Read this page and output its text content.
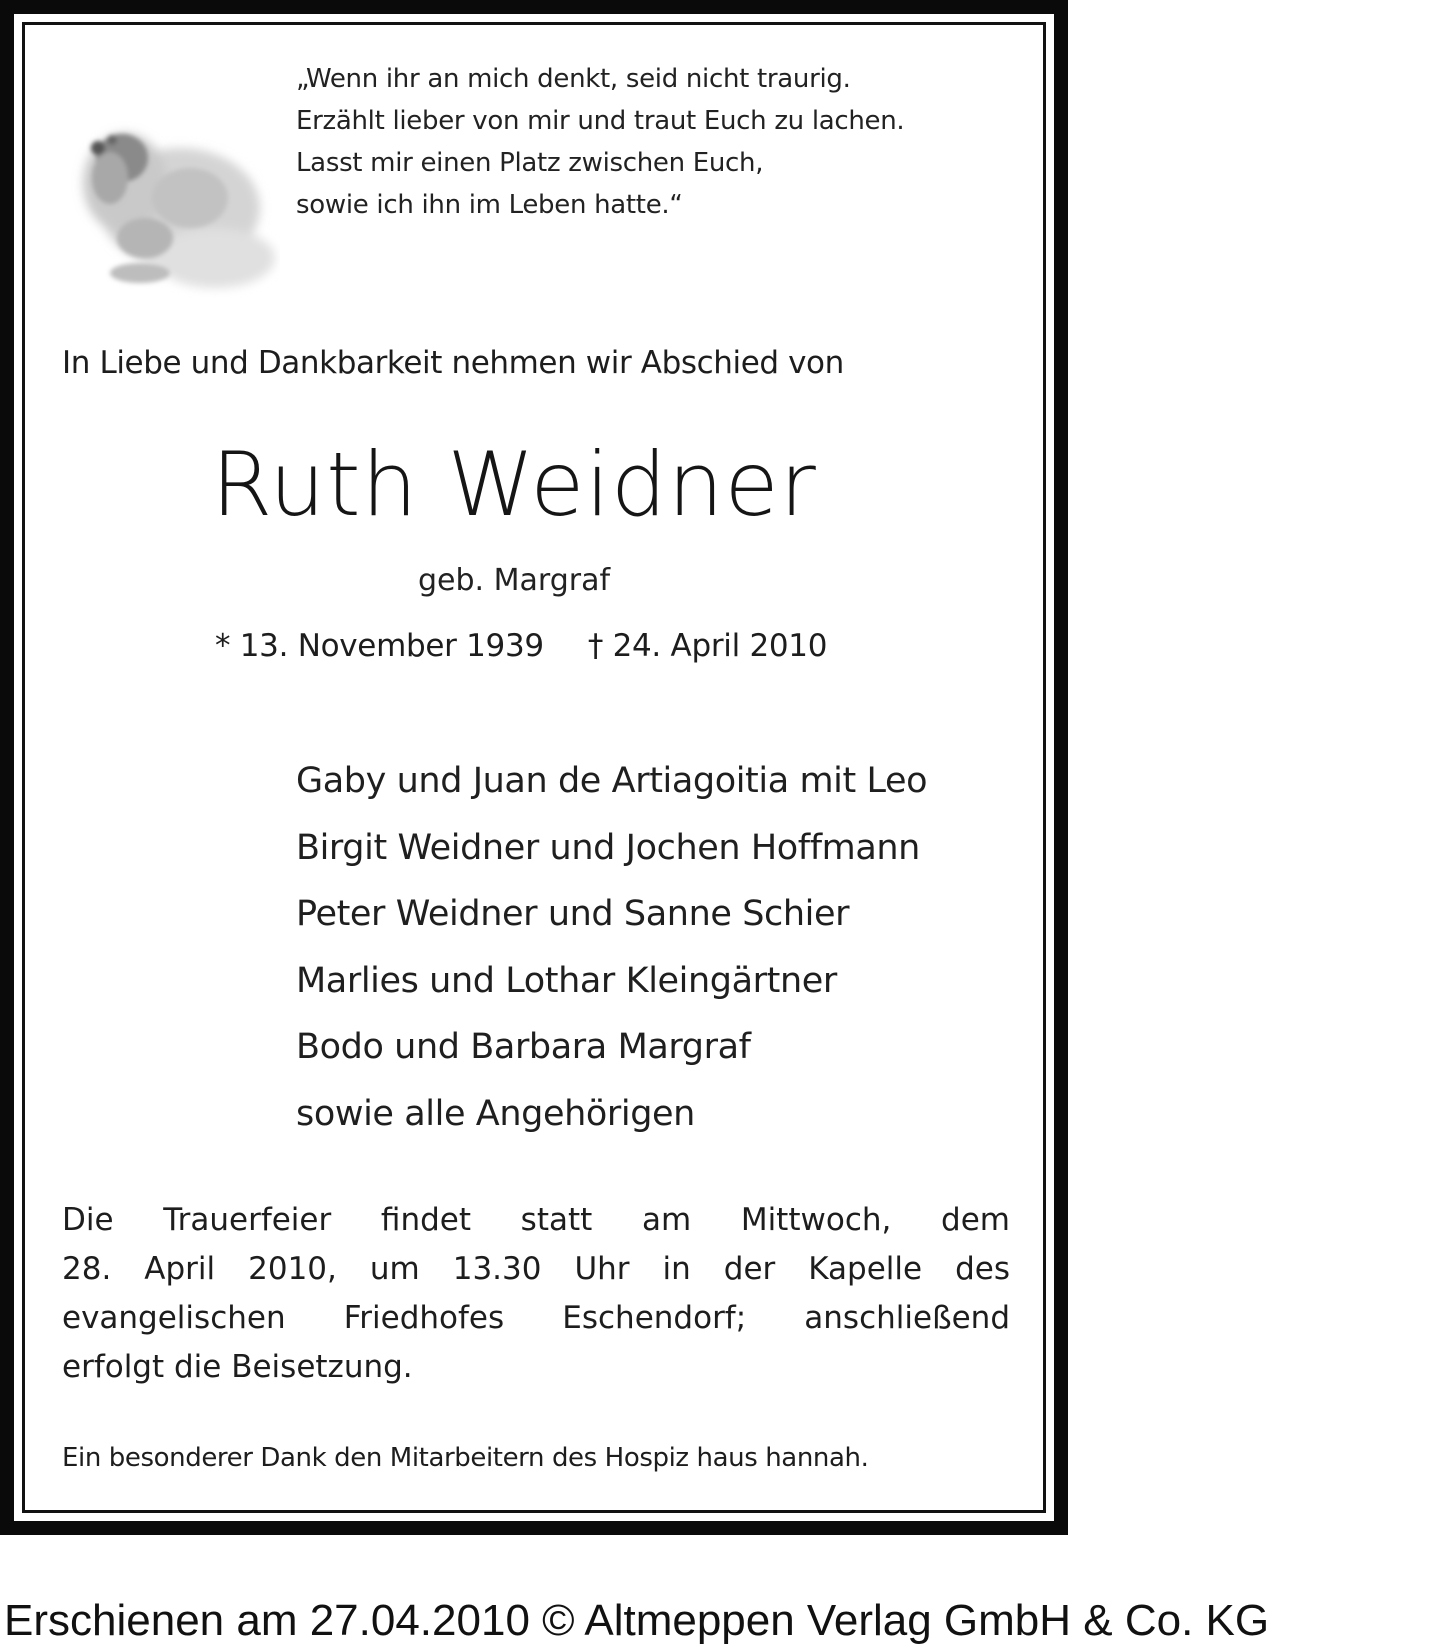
„Wenn ihr an mich denkt, seid nicht traurig.
Erzählt lieber von mir und traut Euch zu lachen.
Lasst mir einen Platz zwischen Euch,
sowie ich ihn im Leben hatte.“
In Liebe und Dankbarkeit nehmen wir Abschied von
Ruth Weidner
geb. Margraf
* 13. November 1939 † 24. April 2010
Gaby und Juan de Artiagoitia mit Leo
Birgit Weidner und Jochen Hoffmann
Peter Weidner und Sanne Schier
Marlies und Lothar Kleingärtner
Bodo und Barbara Margraf
sowie alle Angehörigen
Die Trauerfeier findet statt am Mittwoch, dem
28. April 2010, um 13.30 Uhr in der Kapelle des
evangelischen Friedhofes Eschendorf; anschließend
erfolgt die Beisetzung.
Ein besonderer Dank den Mitarbeitern des Hospiz haus hannah.
Erschienen am 27.04.2010 © Altmeppen Verlag GmbH & Co. KG
